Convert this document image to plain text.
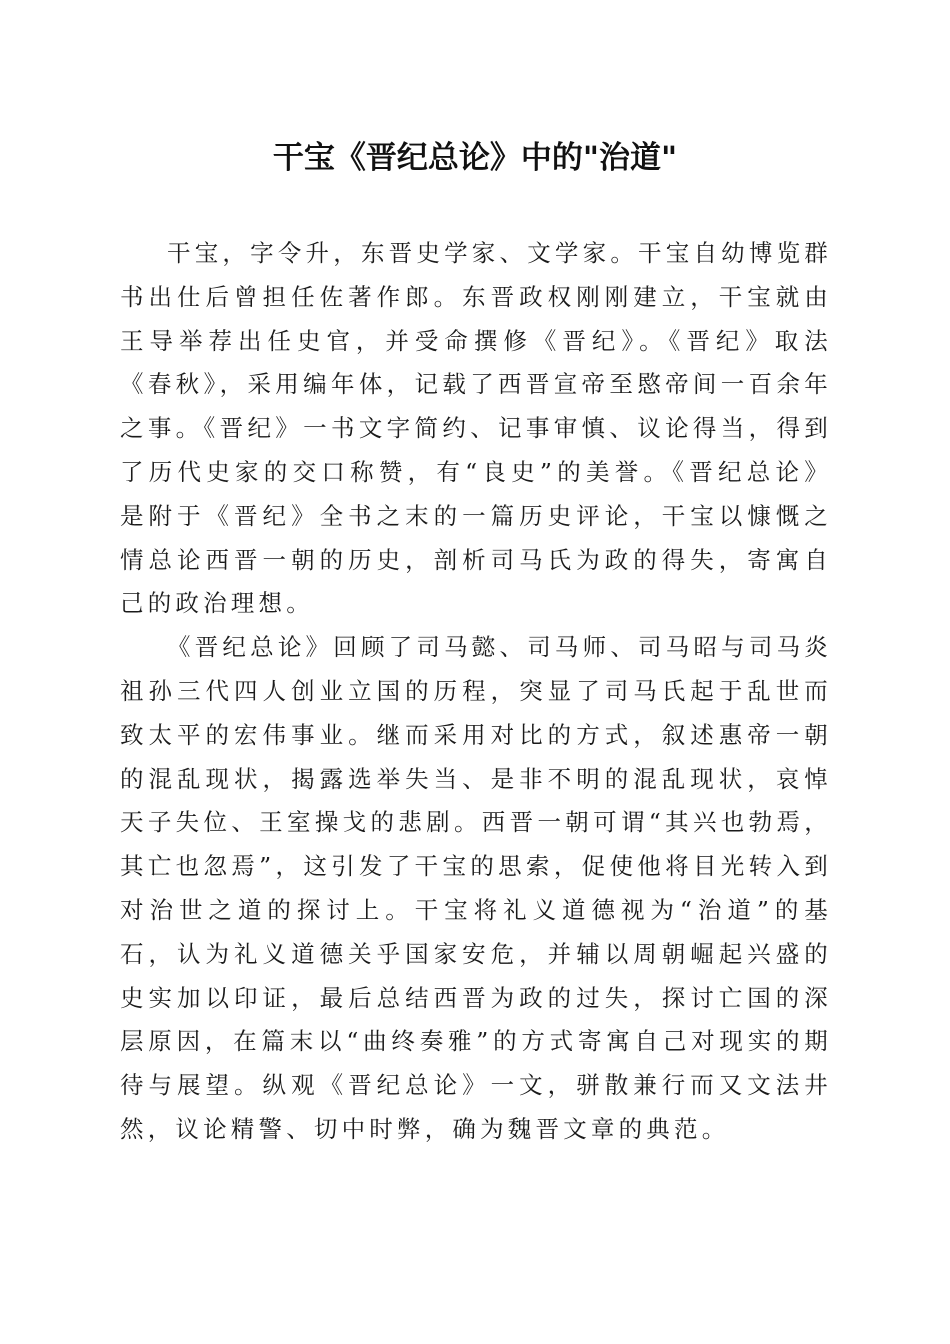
干宝《晋纪总论》中的"治道"

干宝，字令升，东晋史学家、文学家。干宝自幼博览群书出仕后曾担任佐著作郎。东晋政权刚刚建立，干宝就由王导举荐出任史官，并受命撰修《晋纪》。《晋纪》取法《春秋》，采用编年体，记载了西晋宣帝至愍帝间一百余年之事。《晋纪》一书文字简约、记事审慎、议论得当，得到了历代史家的交口称赞，有“良史”的美誉。《晋纪总论》是附于《晋纪》全书之末的一篇历史评论，干宝以慷慨之情总论西晋一朝的历史，剖析司马氏为政的得失，寄寓自己的政治理想。

《晋纪总论》回顾了司马懿、司马师、司马昭与司马炎祖孙三代四人创业立国的历程，突显了司马氏起于乱世而致太平的宏伟事业。继而采用对比的方式，叙述惠帝一朝的混乱现状，揭露选举失当、是非不明的混乱现状，哀悼天子失位、王室操戈的悲剧。西晋一朝可谓“其兴也勃焉，其亡也忽焉”，这引发了干宝的思索，促使他将目光转入到对治世之道的探讨上。干宝将礼义道德视为“治道”的基石，认为礼义道德关乎国家安危，并辅以周朝崛起兴盛的史实加以印证，最后总结西晋为政的过失，探讨亡国的深层原因，在篇末以“曲终奏雅”的方式寄寓自己对现实的期待与展望。纵观《晋纪总论》一文，骈散兼行而又文法井然，议论精警、切中时弊，确为魏晋文章的典范。
